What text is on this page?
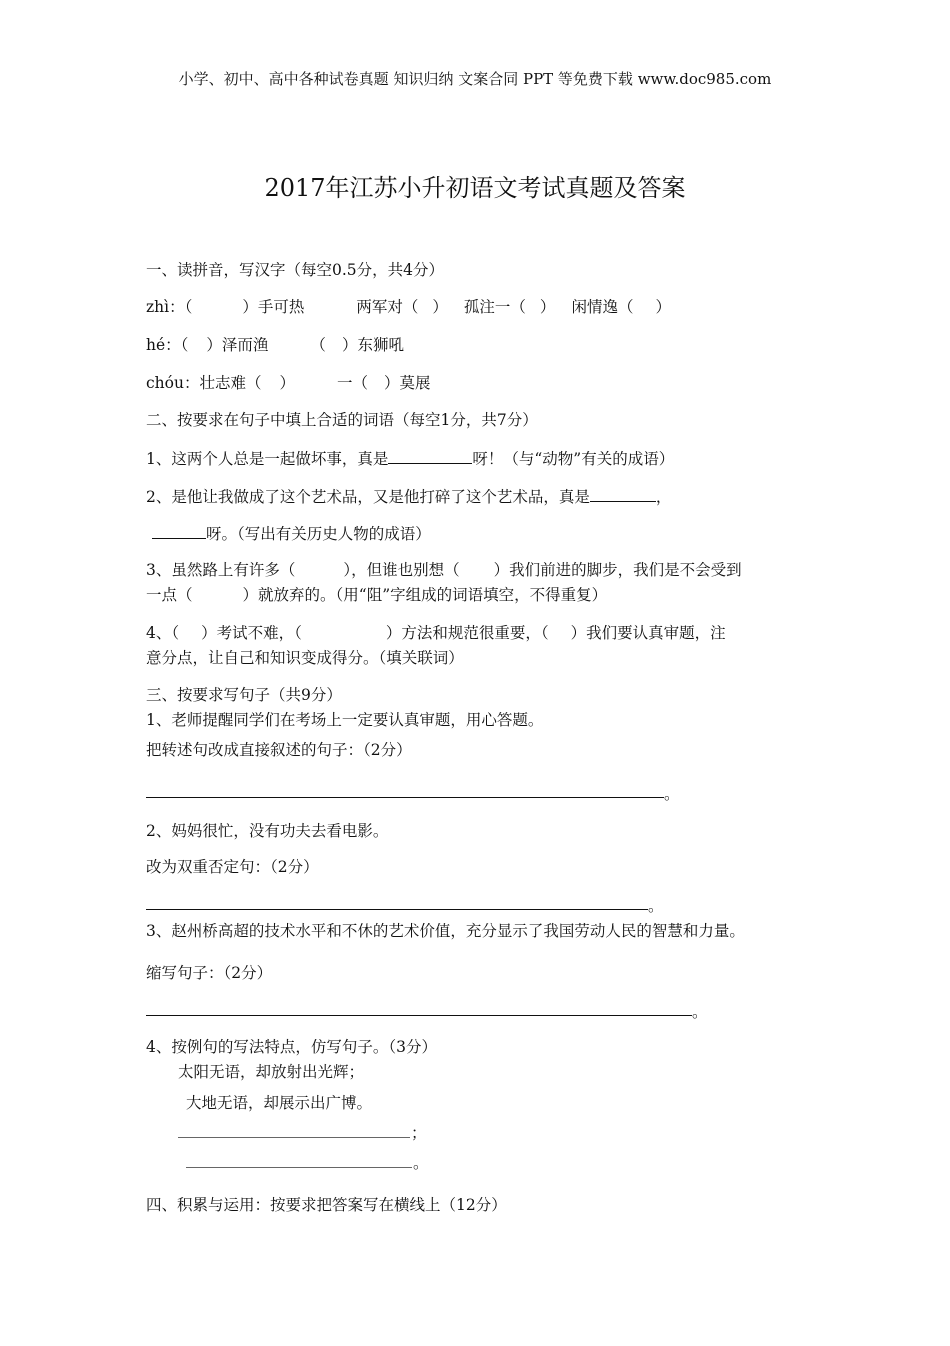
小学、初中、高中各种试卷真题 知识归纳 文案合同 PPT 等免费下载 www.doc985.com
2017年江苏小升初语文考试真题及答案
一、读拼音，写汉字（每空0.5分，共4分）
zhì：（	）手可热	两军对（ ） 孤注一（ ） 闲情逸（ ）
hé：（ ）泽而渔	（ ）东狮吼
chóu：壮志难（ ）	一（ ）莫展
二、按要求在句子中填上合适的词语（每空1分，共7分）
1、这两个人总是一起做坏事，真是	呀！（与“动物”有关的成语）
2、是他让我做成了这个艺术品，又是他打碎了这个艺术品，真是	，
呀。（写出有关历史人物的成语）
3、虽然路上有许多（	），但谁也别想（ ）我们前进的脚步，我们是不会受到
一点（	）就放弃的。（用“阻”字组成的词语填空，不得重复）
4、（ ）考试不难，（	）方法和规范很重要，（ ）我们要认真审题，注
意分点，让自己和知识变成得分。（填关联词）
三、按要求写句子（共9分）
1、老师提醒同学们在考场上一定要认真审题，用心答题。
把转述句改成直接叙述的句子：（2分）
。
2、妈妈很忙，没有功夫去看电影。
改为双重否定句：（2分）
。
3、赵州桥高超的技术水平和不休的艺术价值，充分显示了我国劳动人民的智慧和力量。
缩写句子：（2分）
。
4、按例句的写法特点，仿写句子。（3分）
太阳无语，却放射出光辉；
大地无语，却展示出广博。
；
。
四、积累与运用：按要求把答案写在横线上（12分）
